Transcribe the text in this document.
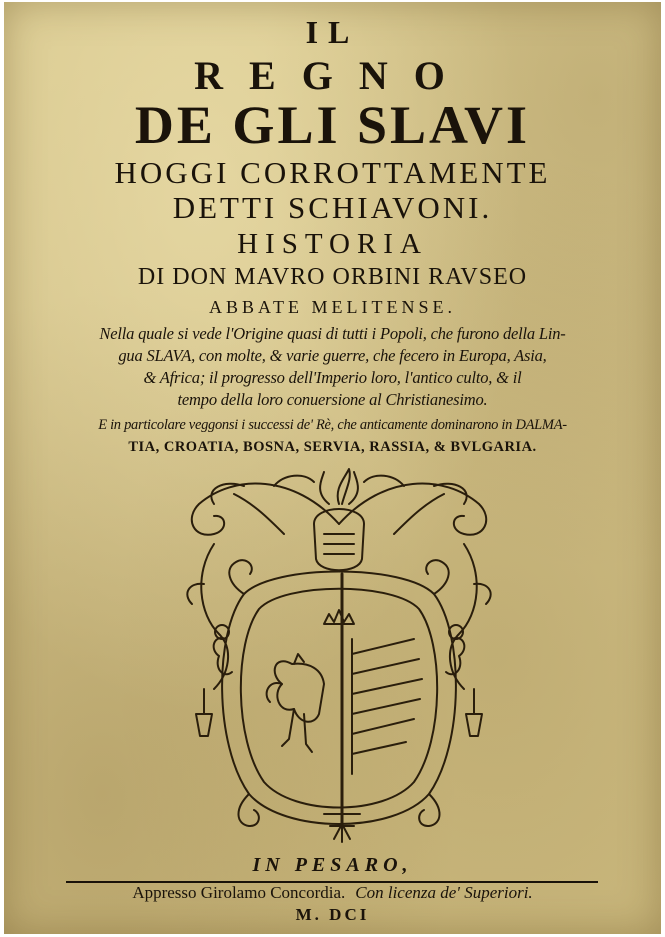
IL
REGNO
DE GLI SLAVI
HOGGI CORROTTAMENTE
DETTI SCHIAVONI.
HISTORIA
DI DON MAVRO ORBINI RAVSEO
ABBATE MELITENSE.
Nella quale si vede l'Origine quasi di tutti i Popoli, che furono della Lin-
gua SLAVA, con molte, & varie guerre, che fecero in Europa, Asia,
& Africa; il progresso dell'Imperio loro, l'antico culto, & il
tempo della loro conuersione al Christianesimo.
E in particolare veggonsi i successi de' Rè, che anticamente dominarono in DALMA-
TIA, CROATIA, BOSNA, SERVIA, RASSIA, & BVLGARIA.
IN PESARO,
Appresso Girolamo Concordia. Con licenza de' Superiori.
M. DCI
